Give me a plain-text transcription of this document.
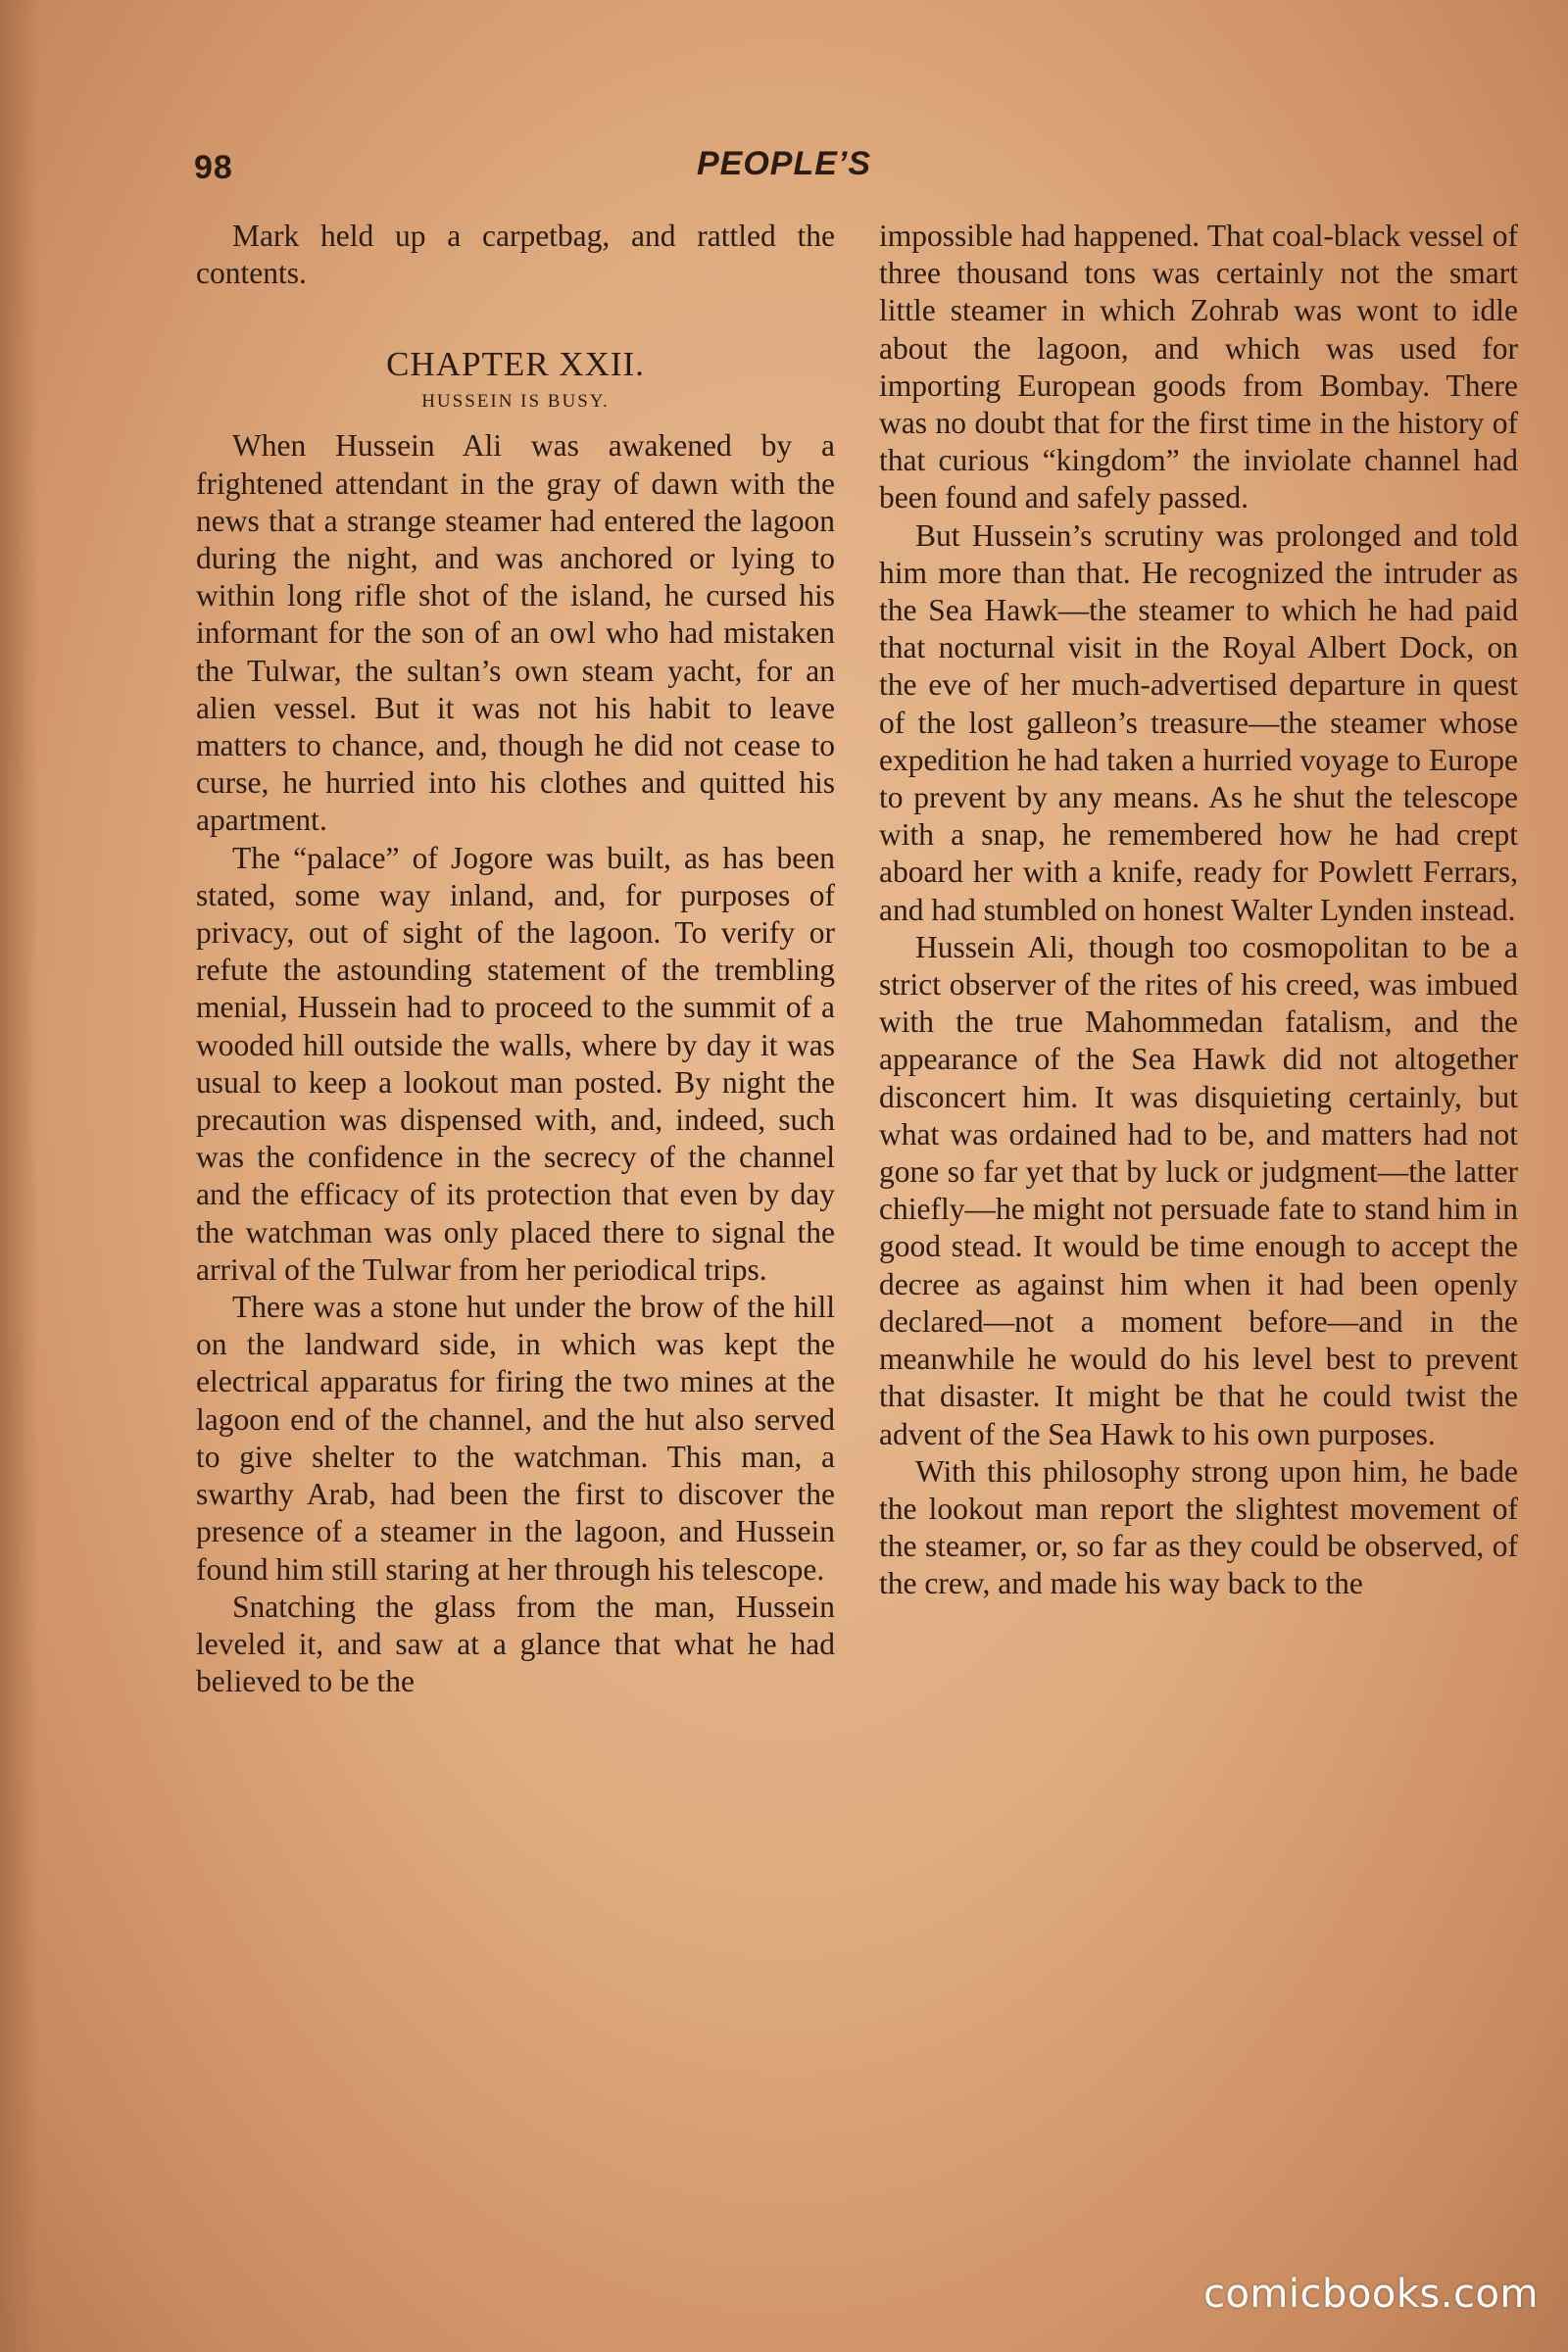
98	PEOPLE’S

Mark held up a carpetbag, and rattled the contents.

CHAPTER XXII.
HUSSEIN IS BUSY.

When Hussein Ali was awakened by a frightened attendant in the gray of dawn with the news that a strange steamer had entered the lagoon during the night, and was anchored or lying to within long rifle shot of the island, he cursed his informant for the son of an owl who had mistaken the Tulwar, the sultan’s own steam yacht, for an alien vessel. But it was not his habit to leave matters to chance, and, though he did not cease to curse, he hurried into his clothes and quitted his apartment.

The “palace” of Jogore was built, as has been stated, some way inland, and, for purposes of privacy, out of sight of the lagoon. To verify or refute the astounding statement of the trembling menial, Hussein had to proceed to the summit of a wooded hill outside the walls, where by day it was usual to keep a lookout man posted. By night the precaution was dispensed with, and, indeed, such was the confidence in the secrecy of the channel and the efficacy of its protection that even by day the watchman was only placed there to signal the arrival of the Tulwar from her periodical trips.

There was a stone hut under the brow of the hill on the landward side, in which was kept the electrical apparatus for firing the two mines at the lagoon end of the channel, and the hut also served to give shelter to the watchman. This man, a swarthy Arab, had been the first to discover the presence of a steamer in the lagoon, and Hussein found him still staring at her through his telescope.

Snatching the glass from the man, Hussein leveled it, and saw at a glance that what he had believed to be the

impossible had happened. That coal-black vessel of three thousand tons was certainly not the smart little steamer in which Zohrab was wont to idle about the lagoon, and which was used for importing European goods from Bombay. There was no doubt that for the first time in the history of that curious “kingdom” the inviolate channel had been found and safely passed.

But Hussein’s scrutiny was prolonged and told him more than that. He recognized the intruder as the Sea Hawk—the steamer to which he had paid that nocturnal visit in the Royal Albert Dock, on the eve of her much-advertised departure in quest of the lost galleon’s treasure—the steamer whose expedition he had taken a hurried voyage to Europe to prevent by any means. As he shut the telescope with a snap, he remembered how he had crept aboard her with a knife, ready for Powlett Ferrars, and had stumbled on honest Walter Lynden instead.

Hussein Ali, though too cosmopolitan to be a strict observer of the rites of his creed, was imbued with the true Mahommedan fatalism, and the appearance of the Sea Hawk did not altogether disconcert him. It was disquieting certainly, but what was ordained had to be, and matters had not gone so far yet that by luck or judgment—the latter chiefly—he might not persuade fate to stand him in good stead. It would be time enough to accept the decree as against him when it had been openly declared—not a moment before—and in the meanwhile he would do his level best to prevent that disaster. It might be that he could twist the advent of the Sea Hawk to his own purposes.

With this philosophy strong upon him, he bade the lookout man report the slightest movement of the steamer, or, so far as they could be observed, of the crew, and made his way back to the

comicbooks.com
